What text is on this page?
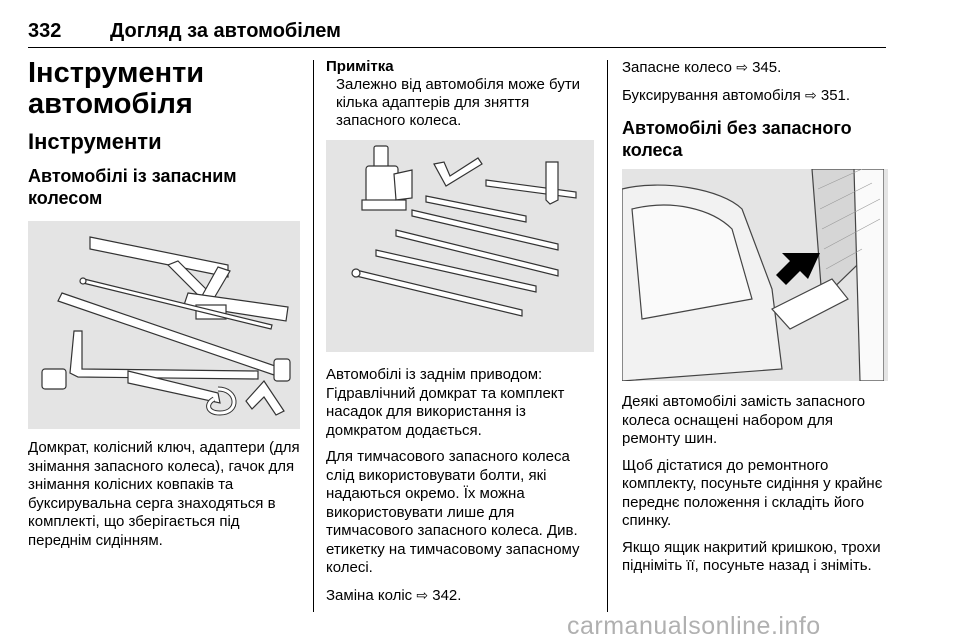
332 Догляд за автомобілем
Інструменти автомобіля
Інструменти
Автомобілі із запасним колесом

Домкрат, колісний ключ, адаптери (для знімання запасного колеса), гачок для знімання колісних ковпаків та буксирувальна серга знаходяться в комплекті, що зберігається під переднім сидінням.

Примітка
Залежно від автомобіля може бути кілька адаптерів для зняття запасного колеса.

Автомобілі із заднім приводом: Гідравлічний домкрат та комплект насадок для використання із домкратом додається.

Для тимчасового запасного колеса слід використовувати болти, які надаються окремо. Їх можна використовувати лише для тимчасового запасного колеса. Див. етикетку на тимчасовому запасному колесі.

Заміна коліс ⇨ 342.

Запасне колесо ⇨ 345.

Буксирування автомобіля ⇨ 351.

Автомобілі без запасного колеса

Деякі автомобілі замість запасного колеса оснащені набором для ремонту шин.

Щоб дістатися до ремонтного комплекту, посуньте сидіння у крайнє переднє положення і складіть його спинку.

Якщо ящик накритий кришкою, трохи підніміть її, посуньте назад і зніміть.

carmanualsonline.info
